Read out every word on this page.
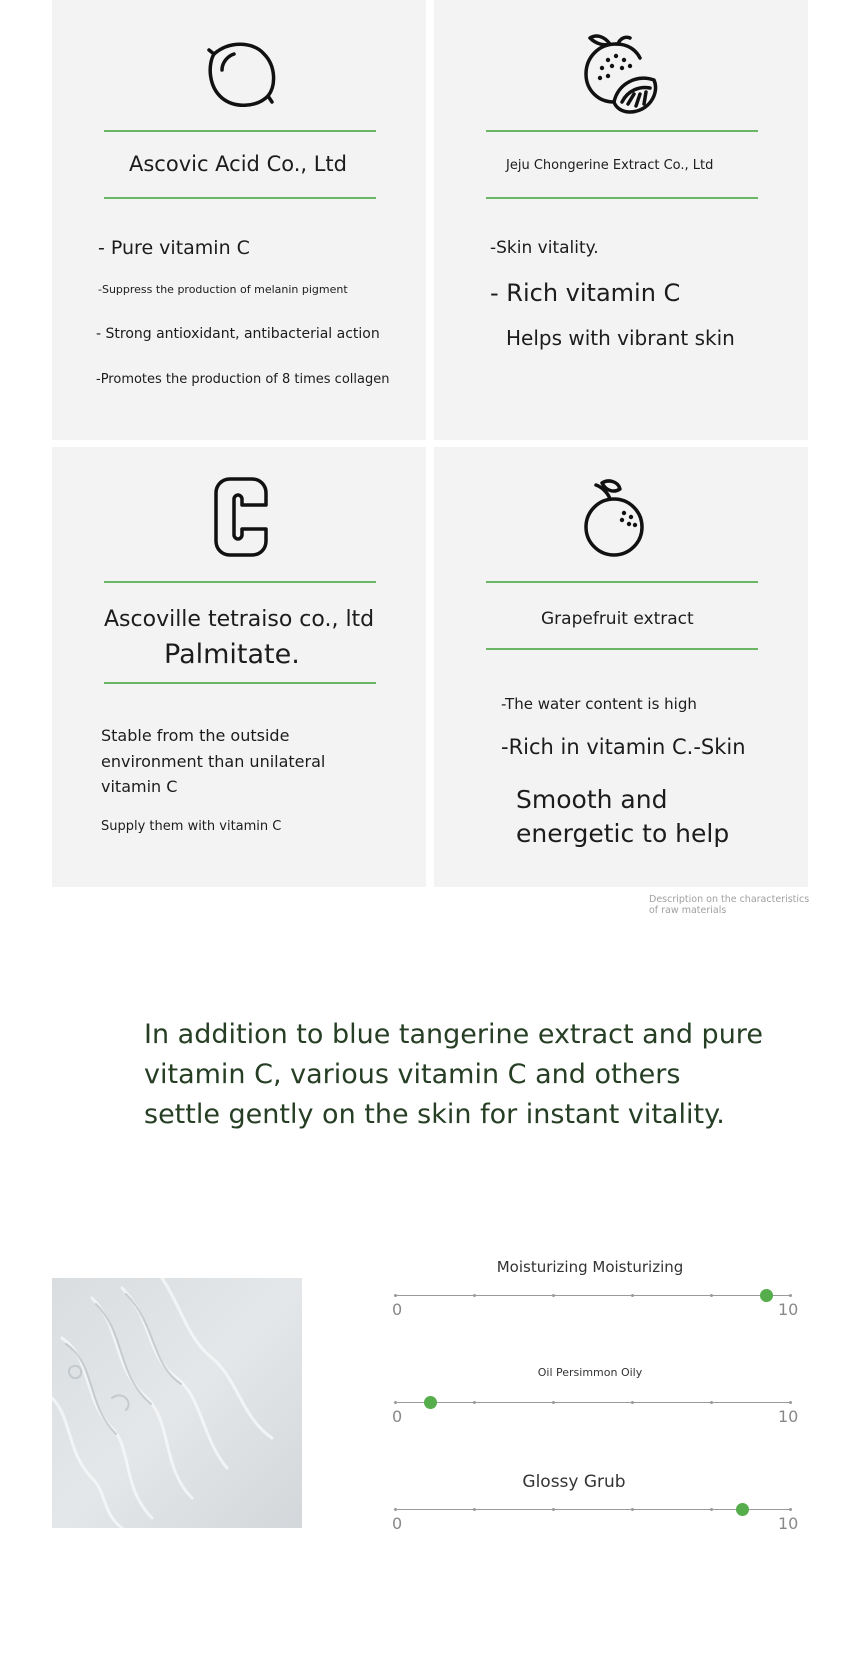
Ascovic Acid Co., Ltd
- Pure vitamin C
-Suppress the production of melanin pigment
- Strong antioxidant, antibacterial action
-Promotes the production of 8 times collagen
Jeju Chongerine Extract Co., Ltd
-Skin vitality.
- Rich vitamin C
Helps with vibrant skin
Ascoville tetraiso co., ltd
Palmitate.
Stable from the outside
environment than unilateral
vitamin C
Supply them with vitamin C
Grapefruit extract
-The water content is high
-Rich in vitamin C.-Skin
Smooth and
energetic to help
Description on the characteristics of raw materials
In addition to blue tangerine extract and pure vitamin C, various vitamin C and others settle gently on the skin for instant vitality.
Moisturizing Moisturizing
0	10
Oil Persimmon Oily
0	10
Glossy Grub
0	10
